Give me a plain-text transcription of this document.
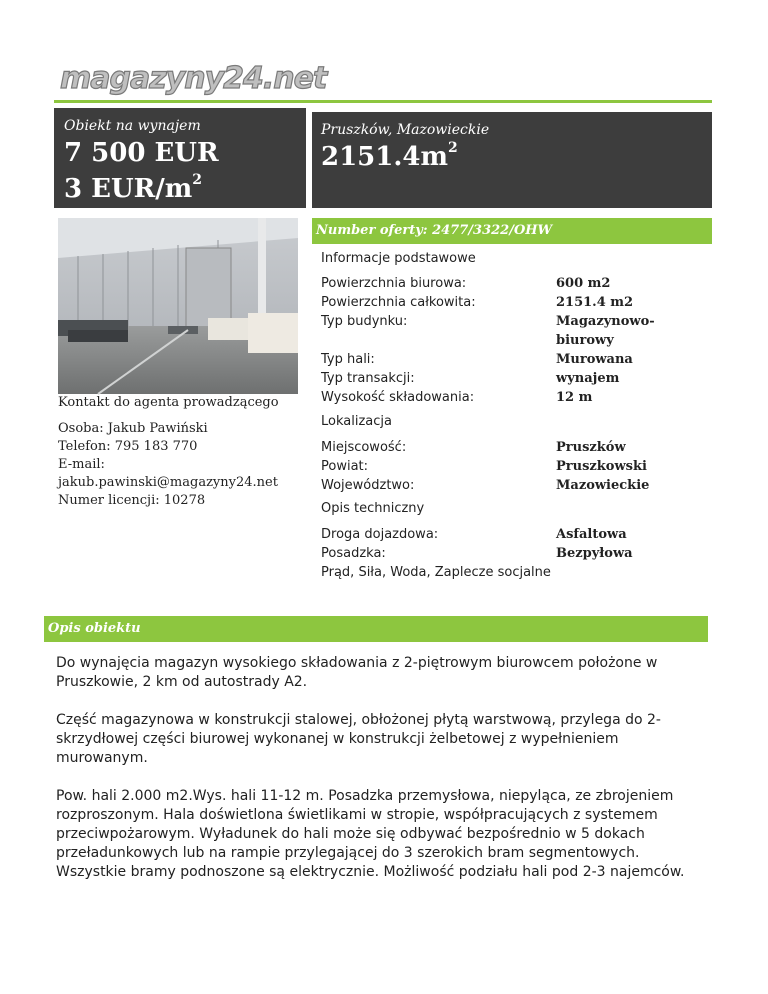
magazyny24.net
Obiekt na wynajem
7 500 EUR
3 EUR/$m^2$
Pruszków, Mazowieckie
$2151.4m^2$
Number oferty: 2477/3322/OHW
Kontakt do agenta prowadzącego
Osoba: Jakub Pawiński
Telefon: 795 183 770
E-mail:
jakub.pawinski@magazyny24.net
Numer licencji: 10278
Informacje podstawowe
Powierzchnia biurowa:	600 m2
Powierzchnia całkowita:	2151.4 m2
Typ budynku:	Magazynowo-biurowy
Typ hali:	Murowana
Typ transakcji:	wynajem
Wysokość składowania:	12 m
Lokalizacja
Miejscowość:	Pruszków
Powiat:	Pruszkowski
Województwo:	Mazowieckie
Opis techniczny
Droga dojazdowa:	Asfaltowa
Posadzka:	Bezpyłowa
Prąd, Siła, Woda, Zaplecze socjalne
Opis obiektu

Do wynajęcia magazyn wysokiego składowania z 2-piętrowym biurowcem położone w Pruszkowie, 2 km od autostrady A2.

Część magazynowa w konstrukcji stalowej, obłożonej płytą warstwową, przylega do 2-skrzydłowej części biurowej wykonanej w konstrukcji żelbetowej z wypełnieniem murowanym.

Pow. hali 2.000 m2.Wys. hali 11-12 m. Posadzka przemysłowa, niepyląca, ze zbrojeniem rozproszonym. Hala doświetlona świetlikami w stropie, współpracujących z systemem przeciwpożarowym. Wyładunek do hali może się odbywać bezpośrednio w 5 dokach przeładunkowych lub na rampie przylegającej do 3 szerokich bram segmentowych. Wszystkie bramy podnoszone są elektrycznie. Możliwość podziału hali pod 2-3 najemców.
